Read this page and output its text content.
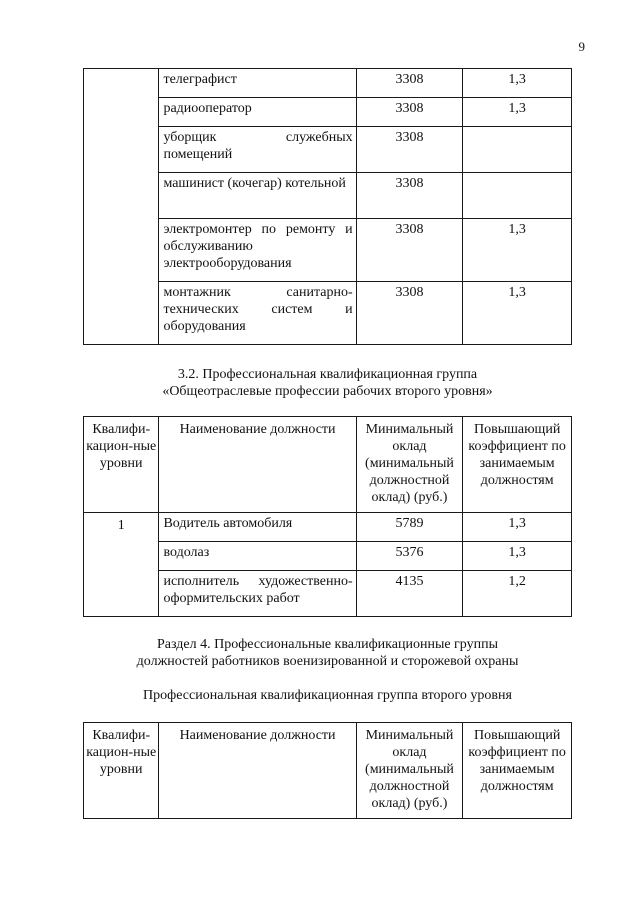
9
	телеграфист	3308	1,3
	радиооператор	3308	1,3
	уборщик служебных помещений	3308	
	машинист (кочегар) котельной	3308	
	электромонтер по ремонту и обслуживанию электрооборудования	3308	1,3
	монтажник санитарно-технических систем и оборудования	3308	1,3
3.2. Профессиональная квалификационная группа
«Общеотраслевые профессии рабочих второго уровня»
Квалифи-кацион-ные уровни	Наименование должности	Минимальный оклад (минимальный должностной оклад) (руб.)	Повышающий коэффициент по занимаемым должностям
1	Водитель автомобиля	5789	1,3
	водолаз	5376	1,3
	исполнитель художественно-оформительских работ	4135	1,2
Раздел 4. Профессиональные квалификационные группы
должностей работников военизированной и сторожевой охраны
Профессиональная квалификационная группа второго уровня
Квалифи-кацион-ные уровни	Наименование должности	Минимальный оклад (минимальный должностной оклад) (руб.)	Повышающий коэффициент по занимаемым должностям
